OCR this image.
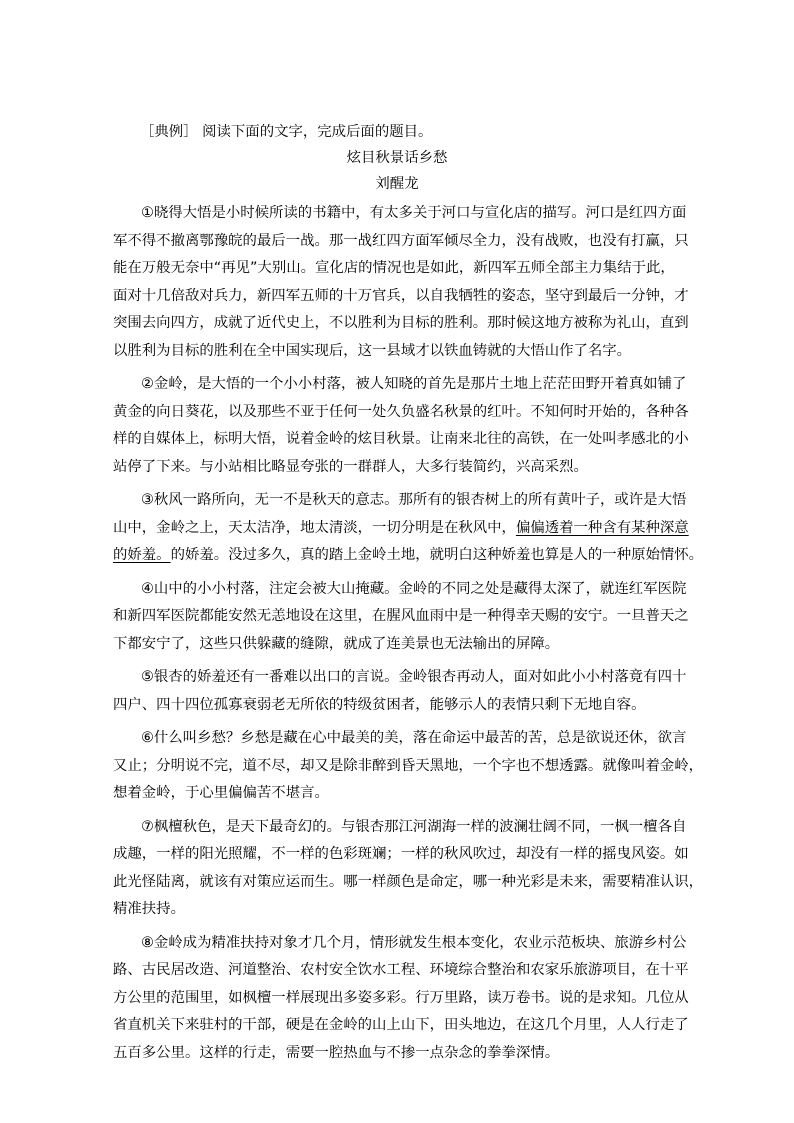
［典例］ 阅读下面的文字，完成后面的题目。
炫目秋景话乡愁
刘醒龙
①晓得大悟是小时候所读的书籍中，有太多关于河口与宣化店的描写。河口是红四方面
军不得不撤离鄂豫皖的最后一战。那一战红四方面军倾尽全力，没有战败，也没有打赢，只
能在万般无奈中“再见”大别山。宣化店的情况也是如此，新四军五师全部主力集结于此，
面对十几倍敌对兵力，新四军五师的十万官兵，以自我牺牲的姿态，坚守到最后一分钟，才
突围去向四方，成就了近代史上，不以胜利为目标的胜利。那时候这地方被称为礼山，直到
以胜利为目标的胜利在全中国实现后，这一县域才以铁血铸就的大悟山作了名字。
②金岭，是大悟的一个小小村落，被人知晓的首先是那片土地上茫茫田野开着真如铺了
黄金的向日葵花，以及那些不亚于任何一处久负盛名秋景的红叶。不知何时开始的，各种各
样的自媒体上，标明大悟，说着金岭的炫目秋景。让南来北往的高铁，在一处叫孝感北的小
站停了下来。与小站相比略显夸张的一群群人，大多行装简约，兴高采烈。
③秋风一路所向，无一不是秋天的意志。那所有的银杏树上的所有黄叶子，或许是大悟
山中，金岭之上，天太洁净，地太清淡，一切分明是在秋风中，偏偏透着一种含有某种深意
的娇羞。的娇羞。没过多久，真的踏上金岭土地，就明白这种娇羞也算是人的一种原始情怀。
④山中的小小村落，注定会被大山掩藏。金岭的不同之处是藏得太深了，就连红军医院
和新四军医院都能安然无恙地设在这里，在腥风血雨中是一种得幸天赐的安宁。一旦普天之
下都安宁了，这些只供躲藏的缝隙，就成了连美景也无法输出的屏障。
⑤银杏的娇羞还有一番难以出口的言说。金岭银杏再动人，面对如此小小村落竟有四十
四户、四十四位孤寡衰弱老无所依的特级贫困者，能够示人的表情只剩下无地自容。
⑥什么叫乡愁？乡愁是藏在心中最美的美，落在命运中最苦的苦，总是欲说还休，欲言
又止；分明说不完，道不尽，却又是除非醉到昏天黑地，一个字也不想透露。就像叫着金岭，
想着金岭，于心里偏偏苦不堪言。
⑦枫檀秋色，是天下最奇幻的。与银杏那江河湖海一样的波澜壮阔不同，一枫一檀各自
成趣，一样的阳光照耀，不一样的色彩斑斓；一样的秋风吹过，却没有一样的摇曳风姿。如
此光怪陆离，就该有对策应运而生。哪一样颜色是命定，哪一种光彩是未来，需要精准认识，
精准扶持。
⑧金岭成为精准扶持对象才几个月，情形就发生根本变化，农业示范板块、旅游乡村公
路、古民居改造、河道整治、农村安全饮水工程、环境综合整治和农家乐旅游项目，在十平
方公里的范围里，如枫檀一样展现出多姿多彩。行万里路，读万卷书。说的是求知。几位从
省直机关下来驻村的干部，硬是在金岭的山上山下，田头地边，在这几个月里，人人行走了
五百多公里。这样的行走，需要一腔热血与不掺一点杂念的拳拳深情。
